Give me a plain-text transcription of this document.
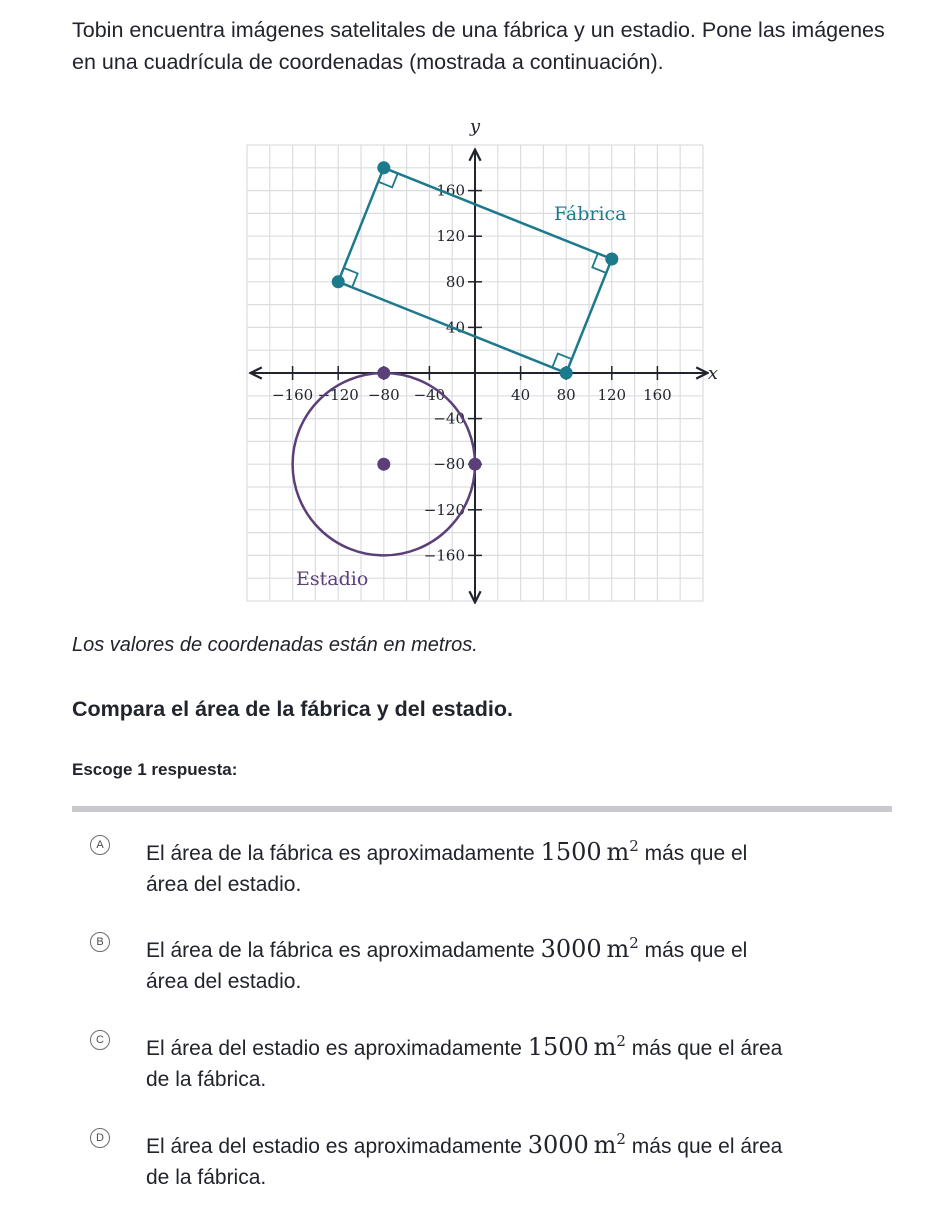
Tobin encuentra imágenes satelitales de una fábrica y un estadio. Pone las imágenes en una cuadrícula de coordenadas (mostrada a continuación).

x
y
−160 −120 −80 −40	40 80 120 160
160
120
80
40
−40
−80
−120
−160
Fábrica
Estadio

Los valores de coordenadas están en metros.

Compara el área de la fábrica y del estadio.

Escoge 1 respuesta:

A	El área de la fábrica es aproximadamente 1500  $m^2$ más que el
área del estadio.

B	El área de la fábrica es aproximadamente 3000  $m^2$ más que el
área del estadio.

C El área del estadio es aproximadamente 1500  $m^2$ más que el área
de la fábrica.

D El área del estadio es aproximadamente 3000  $m^2$ más que el área
de la fábrica.
